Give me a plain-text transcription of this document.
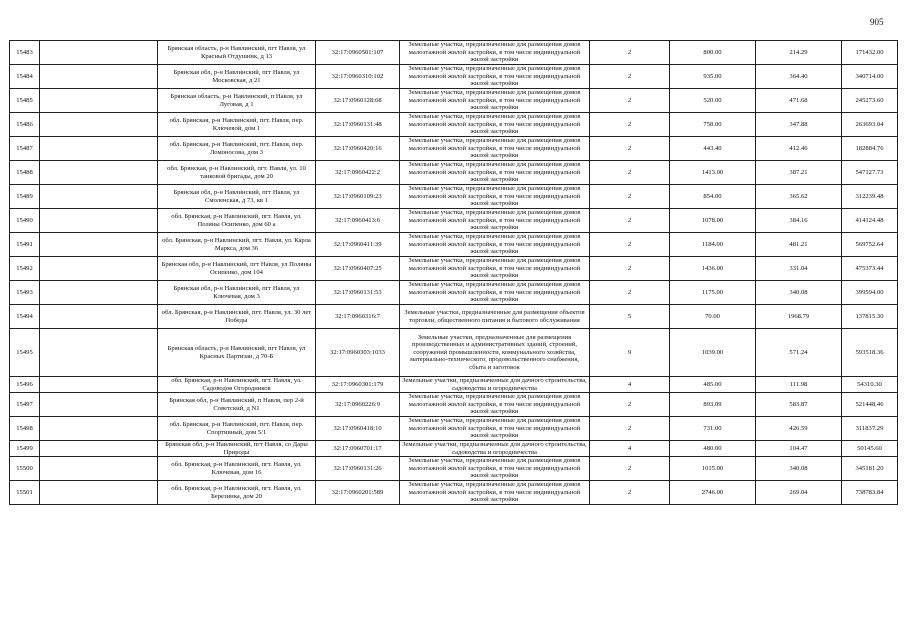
905
15483		Брянская область, р-н Навлинский, пгт Навля, ул Красный Отдушник, д 13	32:17:0960501:107	Земельные участки, предназначенные для размещения домов малоэтажной жилой застройки, в том числе индивидуальной жилой застройки	2	800.00	214.29	171432.00
15484		Брянская обл, р-н Навлинский, пгт Навля, ул Московская, д 21	32:17:0960310:102	Земельные участки, предназначенные для размещения домов малоэтажной жилой застройки, в том числе индивидуальной жилой застройки	2	935.00	364.40	340714.00
15485		Брянская область, р-н Навлинский, п Навля, ул Луговая, д 1	32:17:0960128:68	Земельные участки, предназначенные для размещения домов малоэтажной жилой застройки, в том числе индивидуальной жилой застройки	2	520.00	471.68	245273.60
15486		обл. Брянская, р-н Навлинский, пгт. Навля, пер. Ключевой, дом 1	32:17:0960131:48	Земельные участки, предназначенные для размещения домов малоэтажной жилой застройки, в том числе индивидуальной жилой застройки	2	758.00	347.88	263693.04
15487		обл. Брянская, р-н Навлинский, пгт. Навля, пер. Ломоносова, дом 3	32:17:0960420:16	Земельные участки, предназначенные для размещения домов малоэтажной жилой застройки, в том числе индивидуальной жилой застройки	2	443.40	412.46	182884.76
15488		обл. Брянская, р-н Навлинский, пгт. Навля, ул. 10 танковой бригады, дом 20	32:17:0960422:2	Земельные участки, предназначенные для размещения домов малоэтажной жилой застройки, в том числе индивидуальной жилой застройки	2	1413.00	387.21	547127.73
15489		Брянская обл, р-н Навлинский, пгт Навля, ул Смоленская, д 73, кв 1	32:17:0960109:23	Земельные участки, предназначенные для размещения домов малоэтажной жилой застройки, в том числе индивидуальной жилой застройки	2	854.00	365.62	312239.48
15490		обл. Брянская, р-н Навлинский, пгт. Навля, ул. Поляны Осипенко, дом 60 а	32:17:0960413:6	Земельные участки, предназначенные для размещения домов малоэтажной жилой застройки, в том числе индивидуальной жилой застройки	2	1078.00	384.16	414124.48
15491		обл. Брянская, р-н Навлинский, пгт. Навля, ул. Карла Маркса, дом 36	32:17:0960411:39	Земельные участки, предназначенные для размещения домов малоэтажной жилой застройки, в том числе индивидуальной жилой застройки	2	1184.00	481.21	569752.64
15492		Брянская обл, р-н Навлинский, пгт Навля, ул Поляны Осипенко, дом 104	32:17:0960407:25	Земельные участки, предназначенные для размещения домов малоэтажной жилой застройки, в том числе индивидуальной жилой застройки	2	1436.00	331.04	475373.44
15493		Брянская обл, р-н Навлинский, пгт Навля, ул Ключевая, дом 3	32:17:0960131:53	Земельные участки, предназначенные для размещения домов малоэтажной жилой застройки, в том числе индивидуальной жилой застройки	2	1175.00	340.08	399594.00
15494		обл. Брянская, р-н Навлинский, пгт. Навля, ул. 30 лет Победы	32:17:0960316:7	Земельные участки, предназначенные для размещения объектов торговли, общественного питания и бытового обслуживания	5	70.00	1968.79	137815.30
15495		Брянская область, р-н Навлинский, пгт Навля, ул Красных Партизан, д 70-Б	32:17:0960303:1033	Земельные участки, предназначенные для размещения производственных и административных зданий, строений, сооружений промышленности, коммунального хозяйства, материально-технического, продовольственного снабжения, сбыта и заготовок	9	1039.00	571.24	593518.36
15496		обл. Брянская, р-н Навлинский, пгт. Навля, ул. Садоводов Огородников	32:17:0960301:179	Земельные участки, предназначенные для дачного строительства, садоводства и огородничества	4	485.00	111.98	54310.30
15497		Брянская обл, р-н Навлинский, п Навля, пер 2-й Советский, д N1	32:17:0960226:9	Земельные участки, предназначенные для размещения домов малоэтажной жилой застройки, в том числе индивидуальной жилой застройки	2	893.09	583.87	521448.46
15498		обл. Брянская, р-н Навлинский, пгт. Навля, пер. Спортивный, дом 5/1	32:17:0960418:10	Земельные участки, предназначенные для размещения домов малоэтажной жилой застройки, в том числе индивидуальной жилой застройки	2	731.00	426.59	311837.29
15499		Брянская обл, р-н Навлинский, пгт Навля, со Дары Природы	32:17:0960701:17	Земельные участки, предназначенные для дачного строительства, садоводства и огородничества	4	480.00	104.47	50145.60
15500		обл. Брянская, р-н Навлинский, пгт. Навля, ул. Ключевая, дом 16	32:17:0960131:26	Земельные участки, предназначенные для размещения домов малоэтажной жилой застройки, в том числе индивидуальной жилой застройки	2	1015.00	340.08	345181.20
15501		обл. Брянская, р-н Навлинский, пгт. Навля, ул. Березинка, дом 20	32:17:0960201:589	Земельные участки, предназначенные для размещения домов малоэтажной жилой застройки, в том числе индивидуальной жилой застройки	2	2746.00	269.04	738783.84
